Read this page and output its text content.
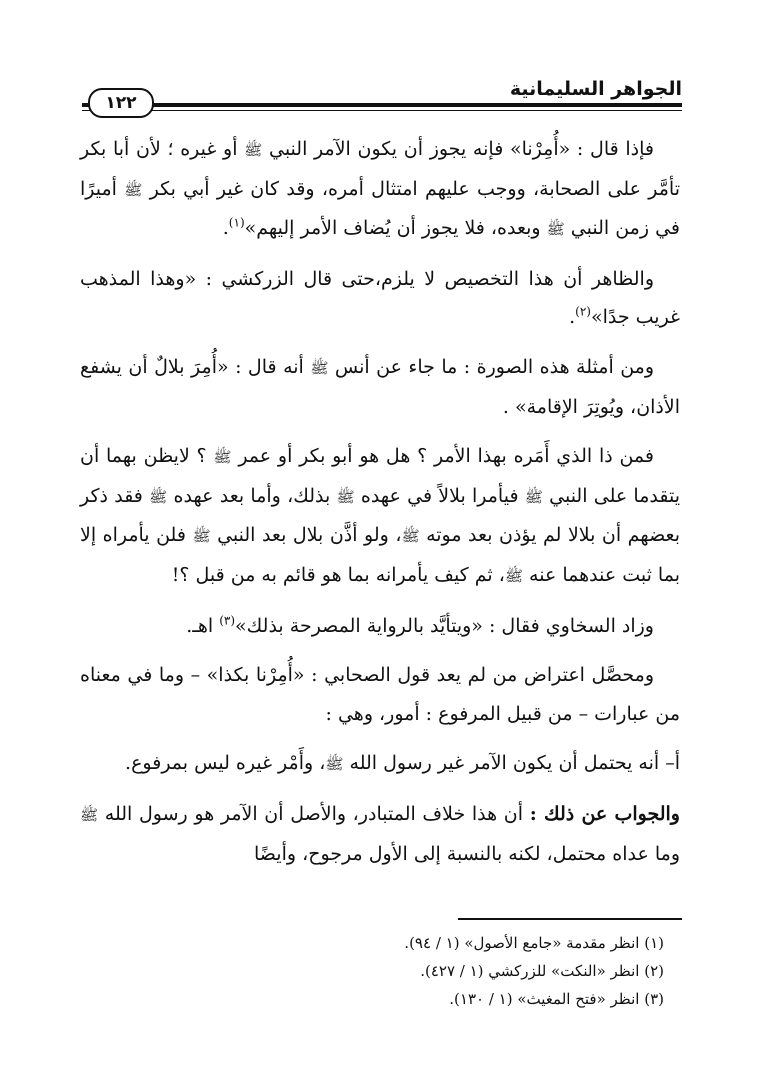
الجواهر السليمانية
١٢٢

فإذا قال : «أُمِرْنا» فإنه يجوز أن يكون الآمر النبي ﷺ أو غيره ؛ لأن أبا بكر تأمَّر على الصحابة، ووجب عليهم امتثال أمره، وقد كان غير أبي بكر ﷺ أميرًا في زمن النبي ﷺ وبعده، فلا يجوز أن يُضاف الأمر إليهم»$^{(١)}$.

والظاهر أن هذا التخصيص لا يلزم،حتى قال الزركشي : «وهذا المذهب غريب جدًا»$^{(٢)}$.

ومن أمثلة هذه الصورة : ما جاء عن أنس ﷺ أنه قال : «أُمِرَ بلالٌ أن يشفع الأذان، ويُوتِرَ الإقامة» .

فمن ذا الذي أَمَره بهذا الأمر ؟ هل هو أبو بكر أو عمر ﷺ ؟ لايظن بهما أن يتقدما على النبي ﷺ فيأمرا بلالاً في عهده ﷺ بذلك، وأما بعد عهده ﷺ فقد ذكر بعضهم أن بلالا لم يؤذن بعد موته ﷺ، ولو أذَّن بلال بعد النبي ﷺ فلن يأمراه إلا بما ثبت عندهما عنه ﷺ، ثم كيف يأمرانه بما هو قائم به من قبل ؟!

وزاد السخاوي فقال : «ويتأيَّد بالرواية المصرحة بذلك»$^{(٣)}$ اهـ.

ومحصَّل اعتراض من لم يعد قول الصحابي : «أُمِرْنا بكذا» – وما في معناه من عبارات – من قبيل المرفوع : أمور، وهي :

أ– أنه يحتمل أن يكون الآمر غير رسول الله ﷺ، وأَمْر غيره ليس بمرفوع.

والجواب عن ذلك : أن هذا خلاف المتبادر، والأصل أن الآمر هو رسول الله ﷺ وما عداه محتمل، لكنه بالنسبة إلى الأول مرجوح، وأيضًا

(١) انظر مقدمة «جامع الأصول» (١ / ٩٤).
(٢) انظر «النكت» للزركشي (١ / ٤٢٧).
(٣) انظر «فتح المغيث» (١ / ١٣٠).
